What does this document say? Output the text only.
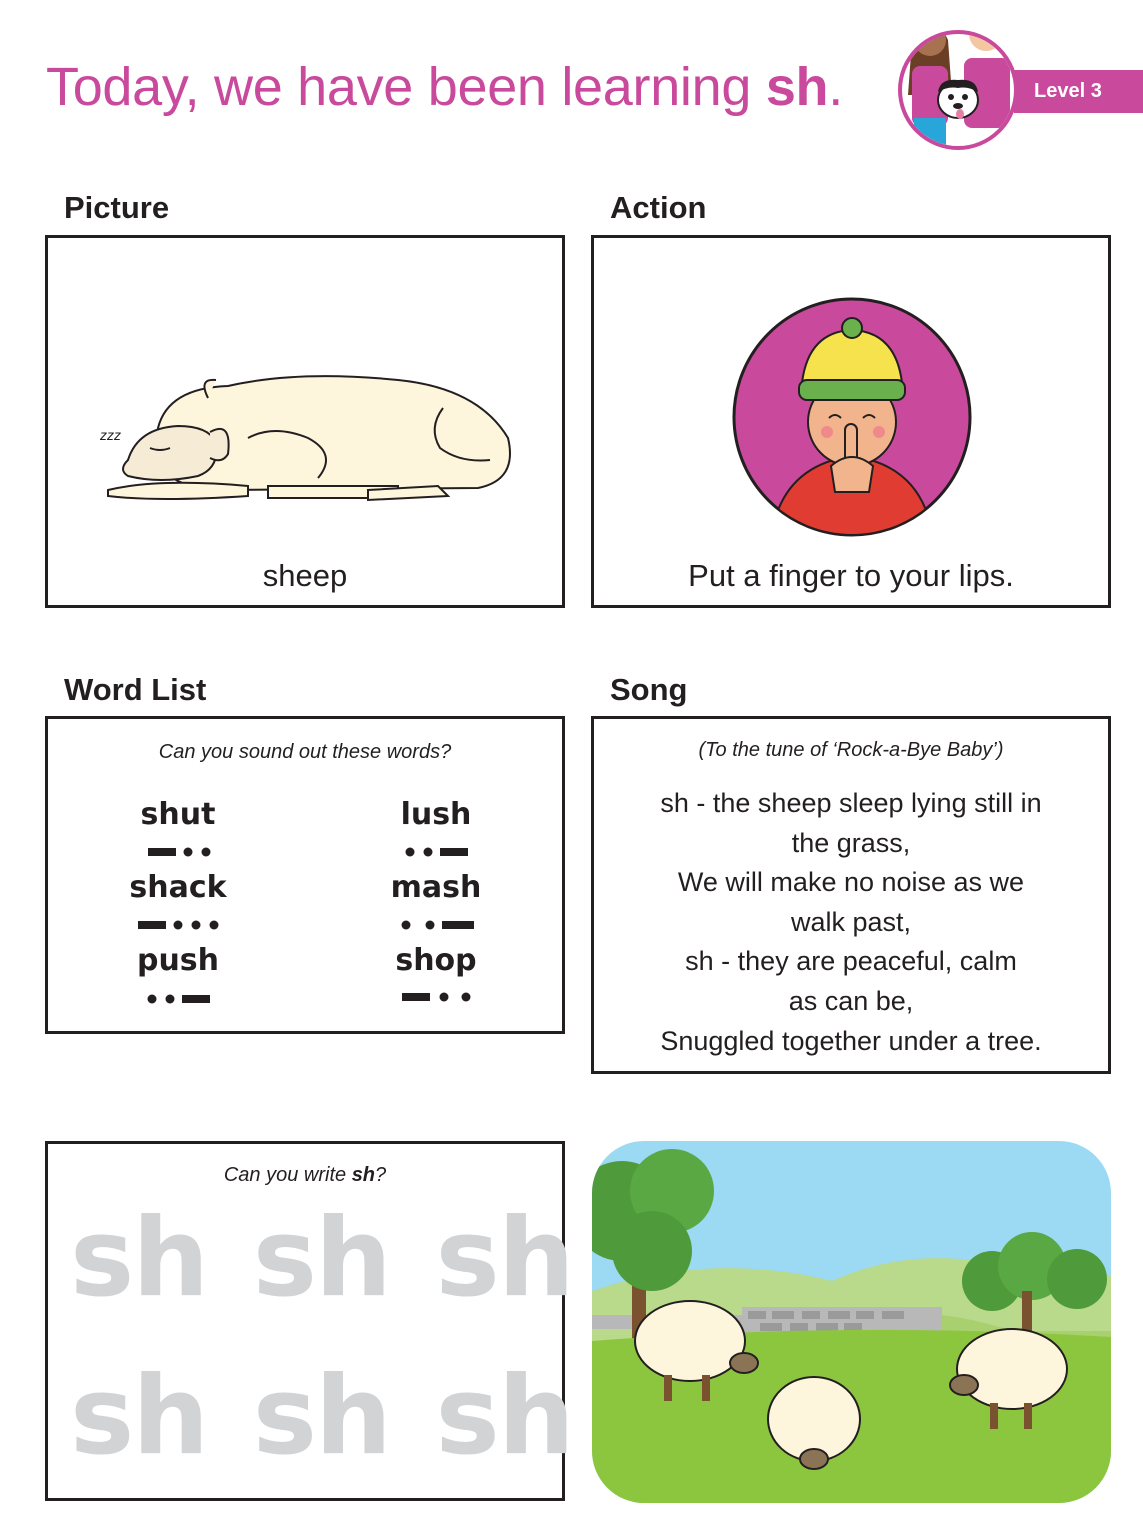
Today, we have been learning sh.	Level 3
Picture
zzz
sheep
Action
Put a finger to your lips.
Word List
Can you sound out these words?
shut	lush
shack	mash
push	shop
Song
(To the tune of ‘Rock-a-Bye Baby’)
sh - the sheep sleep lying still in
the grass,
We will make no noise as we
walk past,
sh - they are peaceful, calm
as can be,
Snuggled together under a tree.
Can you write sh?
sh sh sh
sh sh sh
